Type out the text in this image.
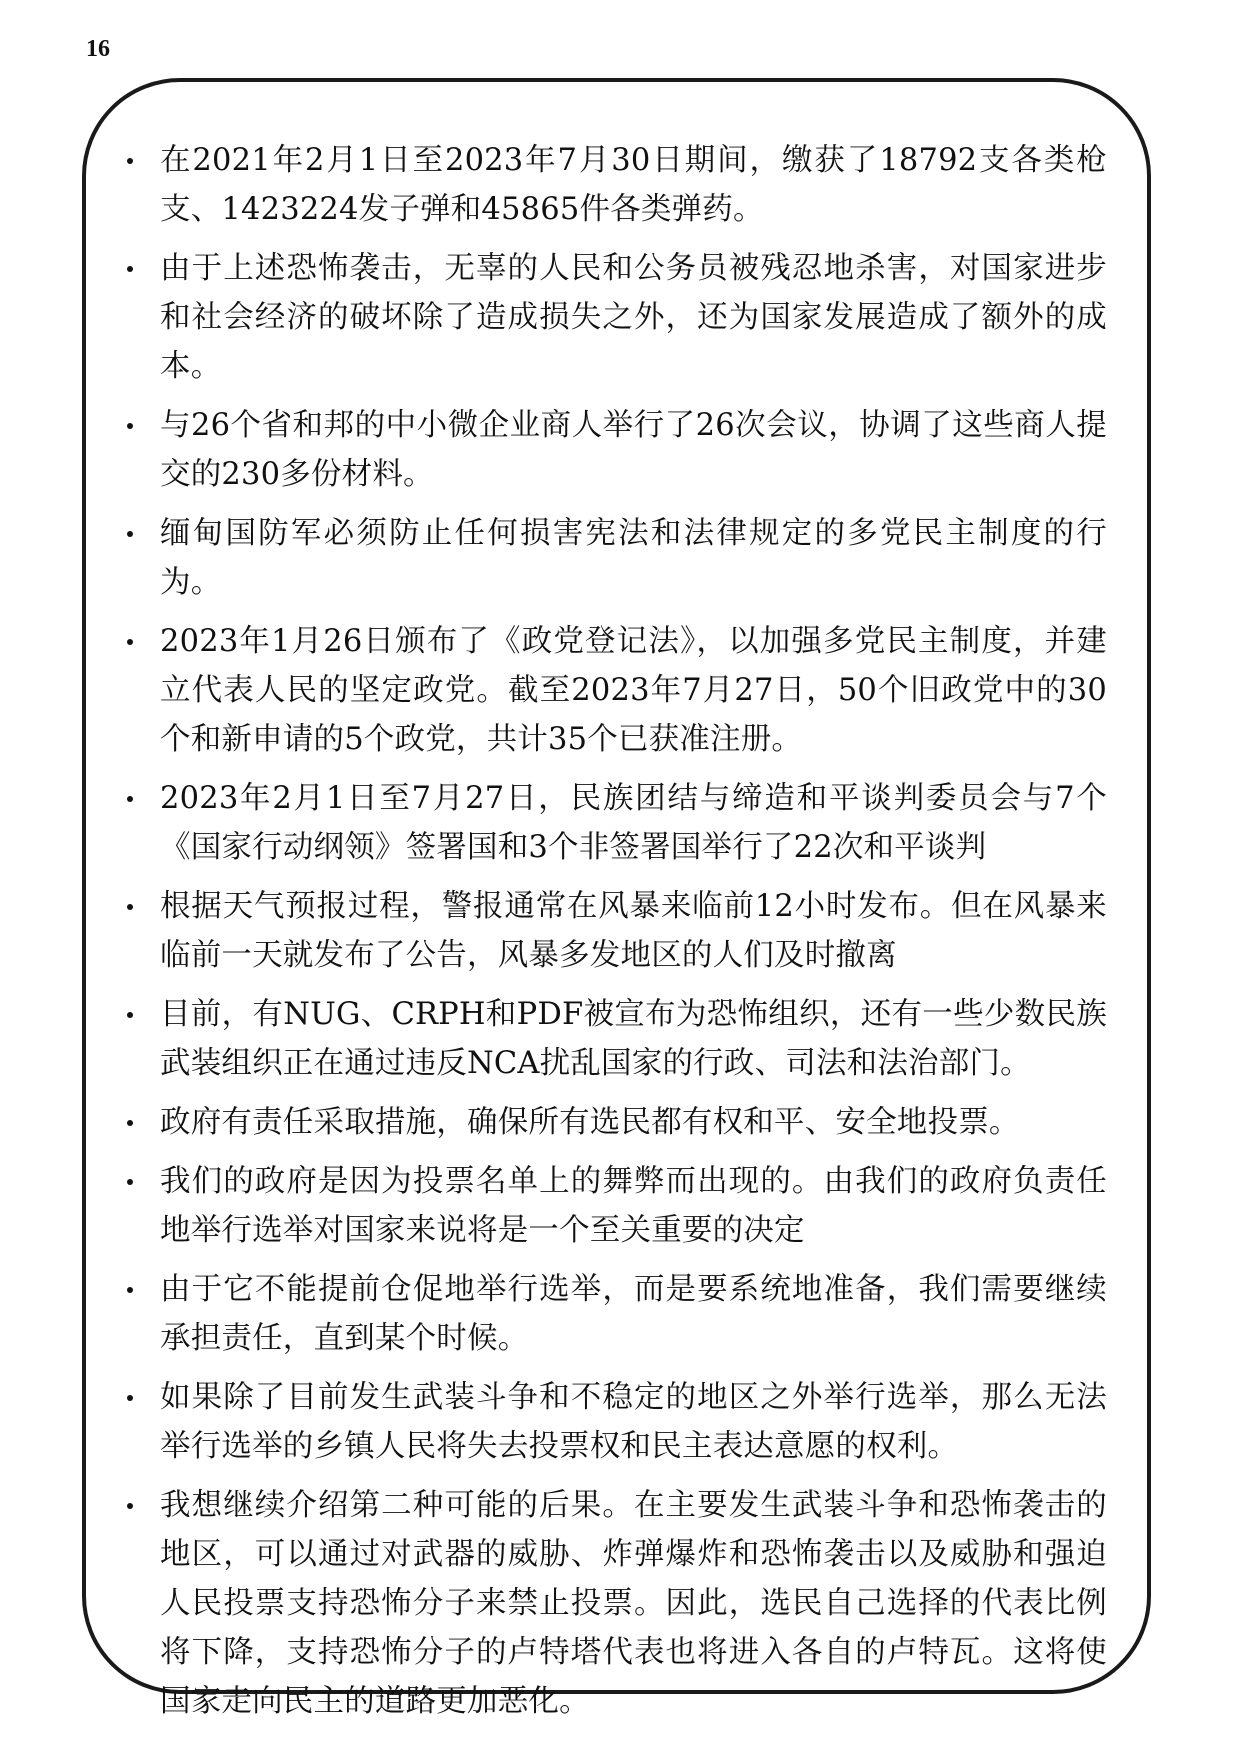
16
在2021年2月1日至2023年7月30日期间，缴获了18792支各类枪支、1423224发子弹和45865件各类弹药。
由于上述恐怖袭击，无辜的人民和公务员被残忍地杀害，对国家进步和社会经济的破坏除了造成损失之外，还为国家发展造成了额外的成本。
与26个省和邦的中小微企业商人举行了26次会议，协调了这些商人提交的230多份材料。
缅甸国防军必须防止任何损害宪法和法律规定的多党民主制度的行为。
2023年1月26日颁布了《政党登记法》，以加强多党民主制度，并建立代表人民的坚定政党。截至2023年7月27日，50个旧政党中的30个和新申请的5个政党，共计35个已获准注册。
2023年2月1日至7月27日，民族团结与缔造和平谈判委员会与7个《国家行动纲领》签署国和3个非签署国举行了22次和平谈判
根据天气预报过程，警报通常在风暴来临前12小时发布。但在风暴来临前一天就发布了公告，风暴多发地区的人们及时撤离
目前，有NUG、CRPH和PDF被宣布为恐怖组织，还有一些少数民族武装组织正在通过违反NCA扰乱国家的行政、司法和法治部门。
政府有责任采取措施，确保所有选民都有权和平、安全地投票。
我们的政府是因为投票名单上的舞弊而出现的。由我们的政府负责任地举行选举对国家来说将是一个至关重要的决定
由于它不能提前仓促地举行选举，而是要系统地准备，我们需要继续承担责任，直到某个时候。
如果除了目前发生武装斗争和不稳定的地区之外举行选举，那么无法举行选举的乡镇人民将失去投票权和民主表达意愿的权利。
我想继续介绍第二种可能的后果。在主要发生武装斗争和恐怖袭击的地区，可以通过对武器的威胁、炸弹爆炸和恐怖袭击以及威胁和强迫人民投票支持恐怖分子来禁止投票。因此，选民自己选择的代表比例将下降，支持恐怖分子的卢特塔代表也将进入各自的卢特瓦。这将使国家走向民主的道路更加恶化。
